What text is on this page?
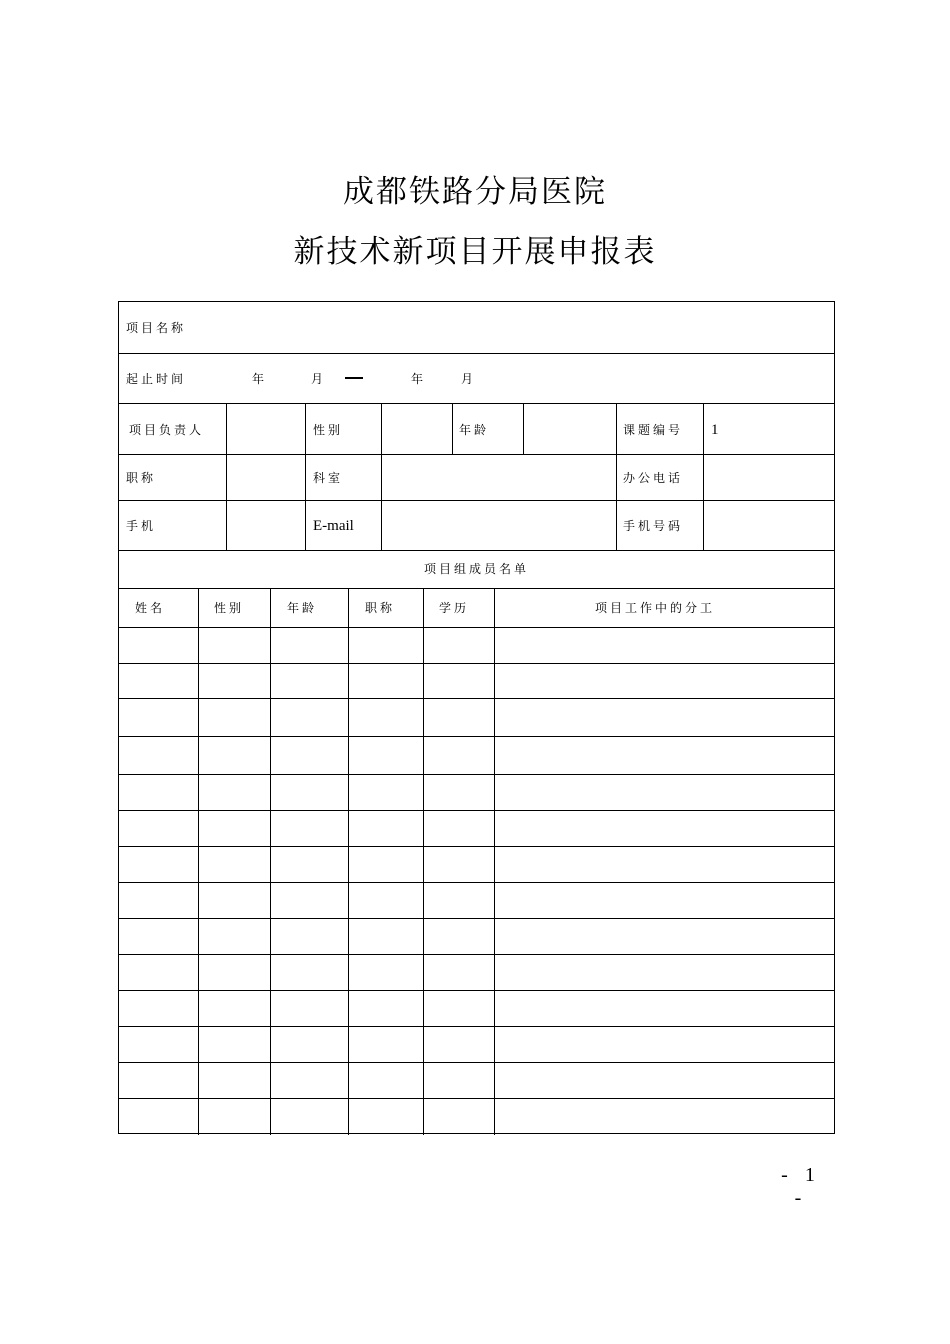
成都铁路分局医院
新技术新项目开展申报表
项目名称
起止时间	年	月	年	月
项目负责人	性别	年龄	课题编号 1
职称	科室	办公电话
手机	E-mail	手机号码
项目组成员名单
姓名	性别	年龄	职称	学历	项目工作中的分工
- 1 -
